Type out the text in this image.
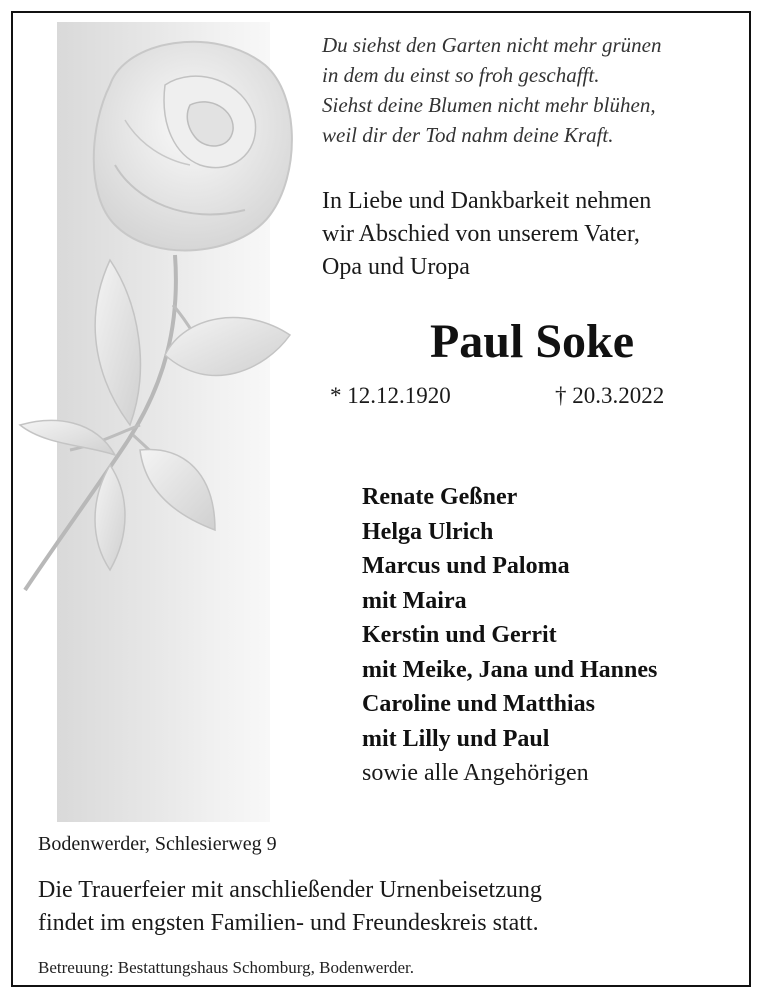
Du siehst den Garten nicht mehr grünen
in dem du einst so froh geschafft.
Siehst deine Blumen nicht mehr blühen,
weil dir der Tod nahm deine Kraft.
In Liebe und Dankbarkeit nehmen
wir Abschied von unserem Vater,
Opa und Uropa
Paul Soke
* 12.12.1920	† 20.3.2022
Renate Geßner
Helga Ulrich
Marcus und Paloma
mit Maira
Kerstin und Gerrit
mit Meike, Jana und Hannes
Caroline und Matthias
mit Lilly und Paul
sowie alle Angehörigen
Bodenwerder, Schlesierweg 9
Die Trauerfeier mit anschließender Urnenbeisetzung
findet im engsten Familien- und Freundeskreis statt.
Betreuung: Bestattungshaus Schomburg, Bodenwerder.
